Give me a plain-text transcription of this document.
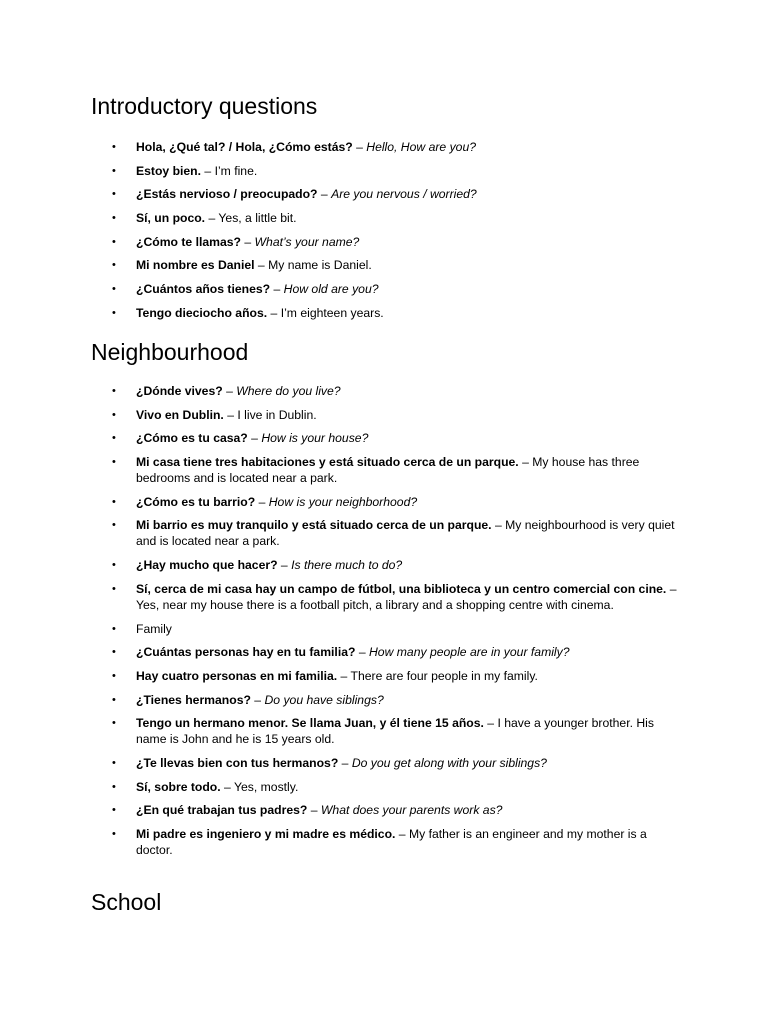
Introductory questions
• Hola, ¿Qué tal? / Hola, ¿Cómo estás? – Hello, How are you?
• Estoy bien. – I’m fine.
• ¿Estás nervioso / preocupado? – Are you nervous / worried?
• Sí, un poco. – Yes, a little bit.
• ¿Cómo te llamas? – What’s your name?
• Mi nombre es Daniel – My name is Daniel.
• ¿Cuántos años tienes? – How old are you?
• Tengo dieciocho años. – I’m eighteen years.
Neighbourhood
• ¿Dónde vives? – Where do you live?
• Vivo en Dublin. – I live in Dublin.
• ¿Cómo es tu casa? – How is your house?
• Mi casa tiene tres habitaciones y está situado cerca de un parque. – My house has three bedrooms and is located near a park.
• ¿Cómo es tu barrio? – How is your neighborhood?
• Mi barrio es muy tranquilo y está situado cerca de un parque. – My neighbourhood is very quiet and is located near a park.
• ¿Hay mucho que hacer? – Is there much to do?
• Sí, cerca de mi casa hay un campo de fútbol, una biblioteca y un centro comercial con cine. – Yes, near my house there is a football pitch, a library and a shopping centre with cinema.
• Family
• ¿Cuántas personas hay en tu familia? – How many people are in your family?
• Hay cuatro personas en mi familia. – There are four people in my family.
• ¿Tienes hermanos? – Do you have siblings?
• Tengo un hermano menor. Se llama Juan, y él tiene 15 años. – I have a younger brother. His name is John and he is 15 years old.
• ¿Te llevas bien con tus hermanos? – Do you get along with your siblings?
• Sí, sobre todo. – Yes, mostly.
• ¿En qué trabajan tus padres? – What does your parents work as?
• Mi padre es ingeniero y mi madre es médico. – My father is an engineer and my mother is a doctor.
School
